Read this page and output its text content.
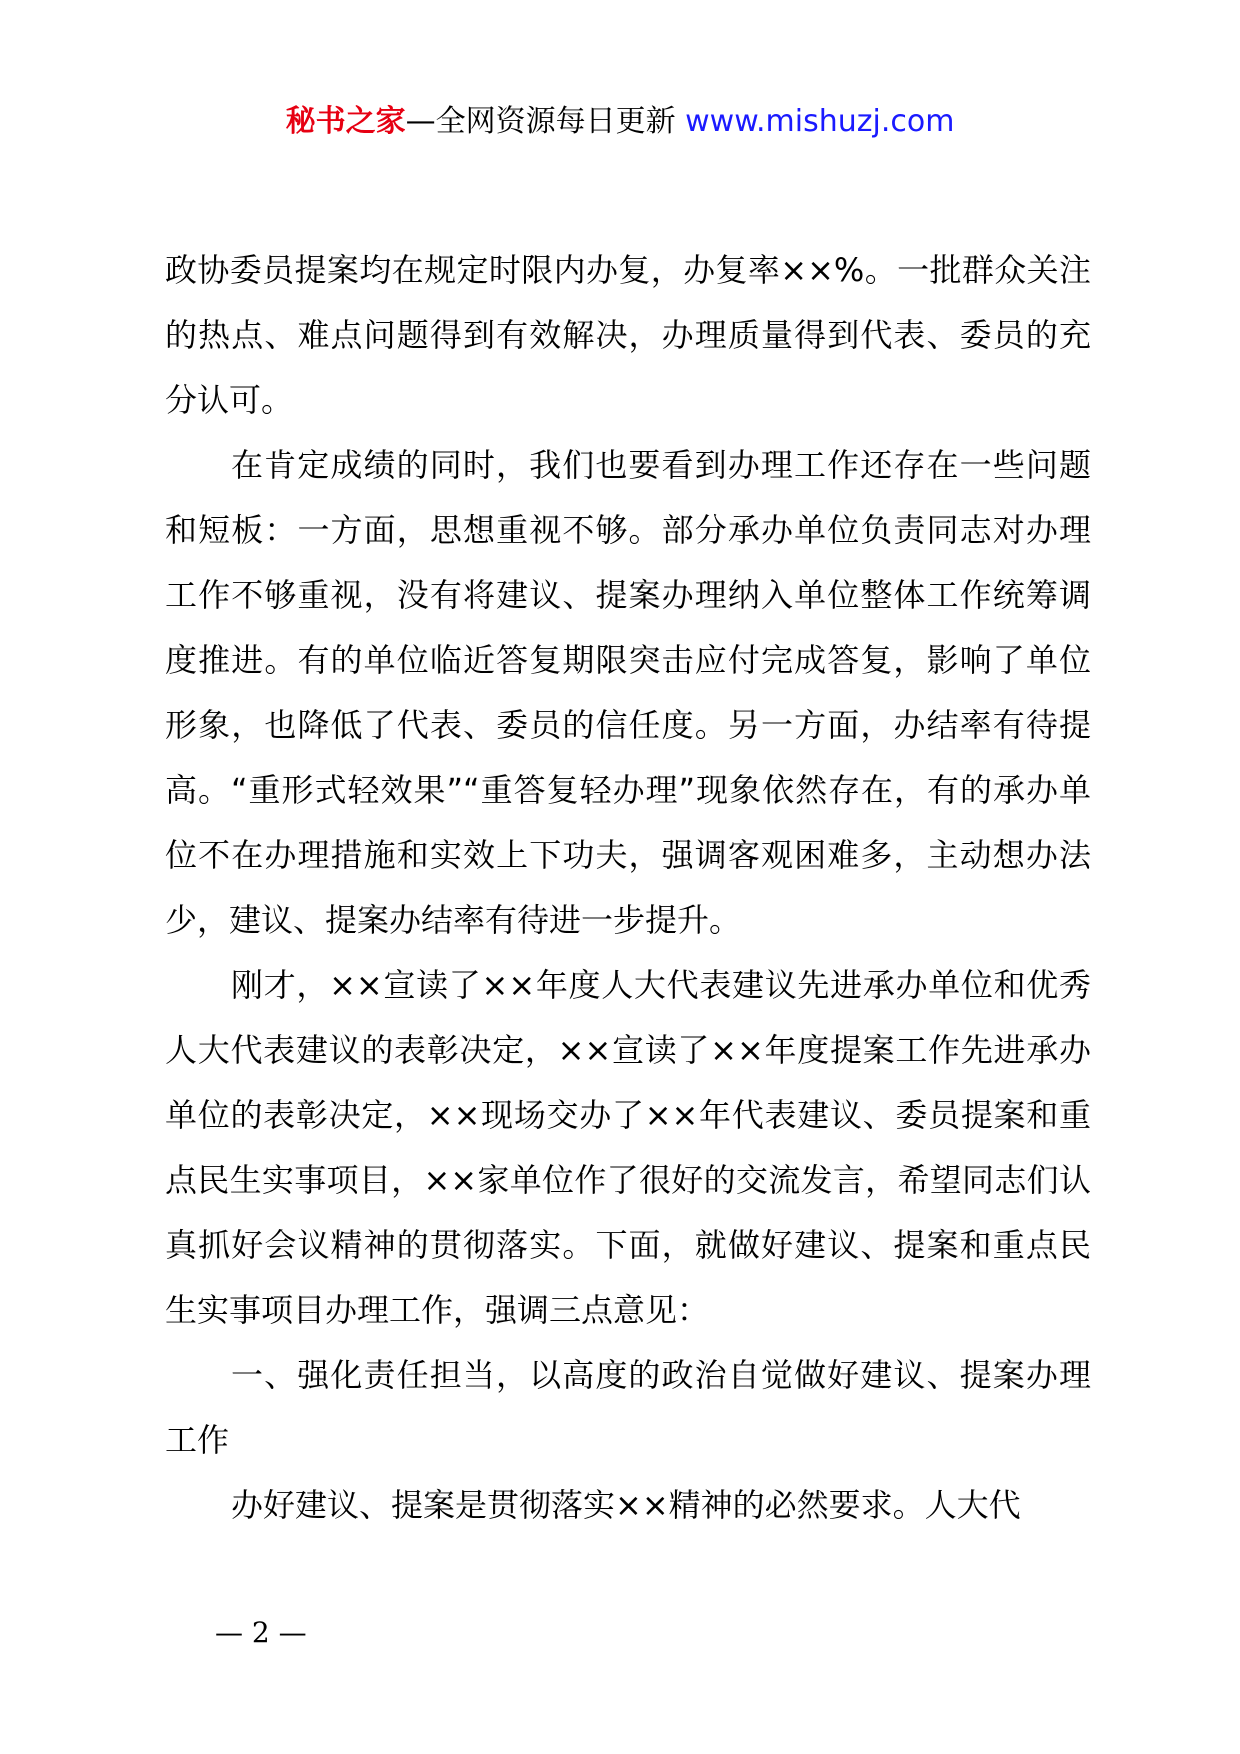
秘书之家—全网资源每日更新 www.mishuzj.com

政协委员提案均在规定时限内办复，办复率××%。一批群众关注的热点、难点问题得到有效解决，办理质量得到代表、委员的充分认可。

在肯定成绩的同时，我们也要看到办理工作还存在一些问题和短板：一方面，思想重视不够。部分承办单位负责同志对办理工作不够重视，没有将建议、提案办理纳入单位整体工作统筹调度推进。有的单位临近答复期限突击应付完成答复，影响了单位形象，也降低了代表、委员的信任度。另一方面，办结率有待提高。“重形式轻效果”“重答复轻办理”现象依然存在，有的承办单位不在办理措施和实效上下功夫，强调客观困难多，主动想办法少，建议、提案办结率有待进一步提升。

刚才，××宣读了××年度人大代表建议先进承办单位和优秀人大代表建议的表彰决定，××宣读了××年度提案工作先进承办单位的表彰决定，××现场交办了××年代表建议、委员提案和重点民生实事项目，××家单位作了很好的交流发言，希望同志们认真抓好会议精神的贯彻落实。下面，就做好建议、提案和重点民生实事项目办理工作，强调三点意见：

一、强化责任担当，以高度的政治自觉做好建议、提案办理工作

办好建议、提案是贯彻落实××精神的必然要求。人大代

— 2 —
